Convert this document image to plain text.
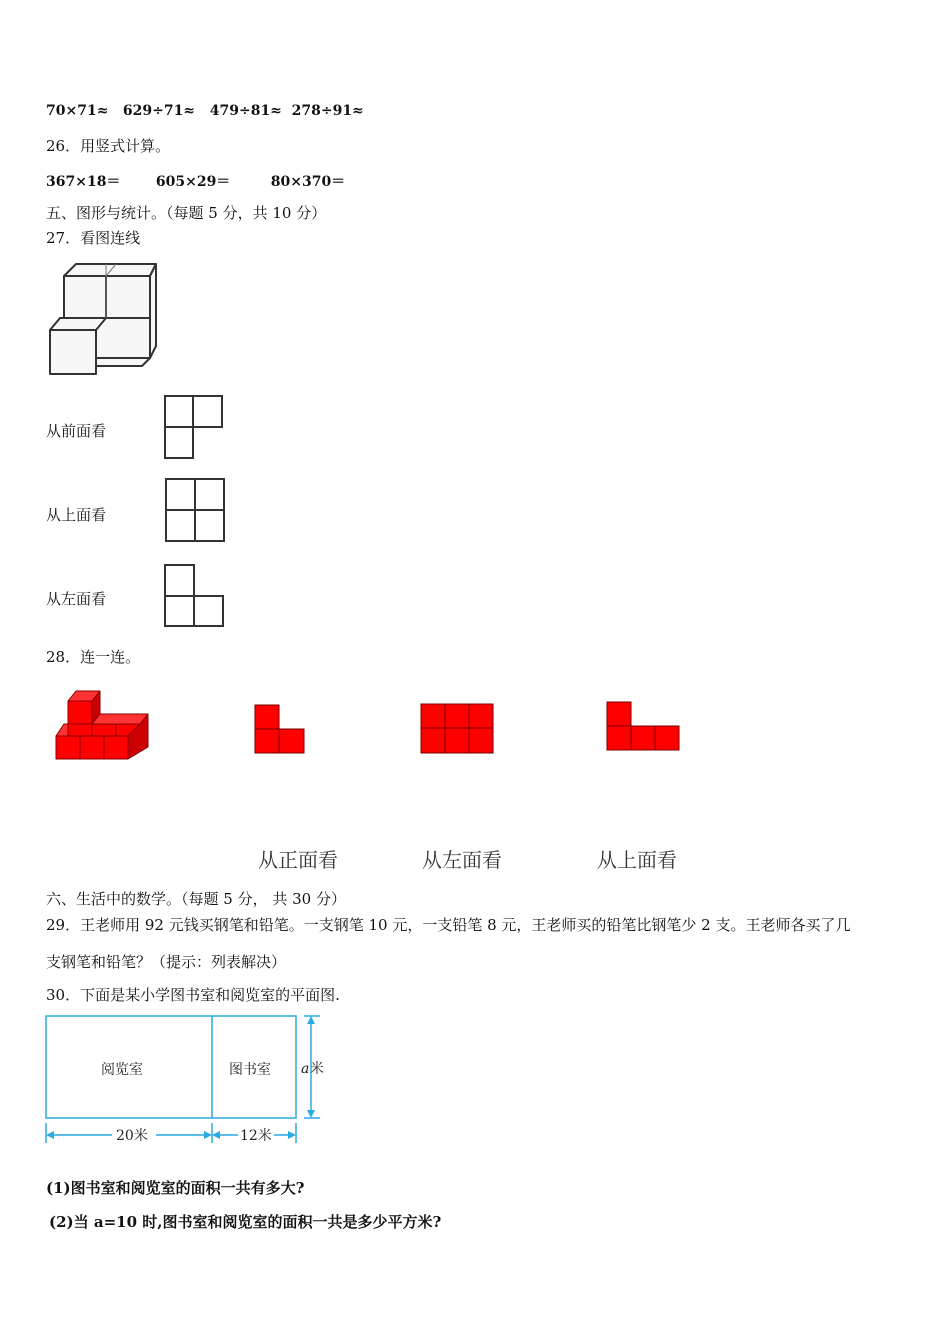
70×71≈ 629÷71≈ 479÷81≈ 278÷91≈
26．用竖式计算。
367×18＝	605×29＝	80×370＝
五、图形与统计。（每题 5 分，共 10 分）
27．看图连线
从前面看
从上面看
从左面看
28．连一连。
从正面看	从左面看	从上面看
六、生活中的数学。（每题 5 分， 共 30 分）
29．王老师用 92 元钱买钢笔和铅笔。一支钢笔 10 元，一支铅笔 8 元，王老师买的铅笔比钢笔少 2 支。王老师各买了几
支钢笔和铅笔？（提示：列表解决）
30．下面是某小学图书室和阅览室的平面图.
阅览室	图书室 a 米
20米	12米
(1)图书室和阅览室的面积一共有多大?
(2)当 a=10 时,图书室和阅览室的面积一共是多少平方米?
